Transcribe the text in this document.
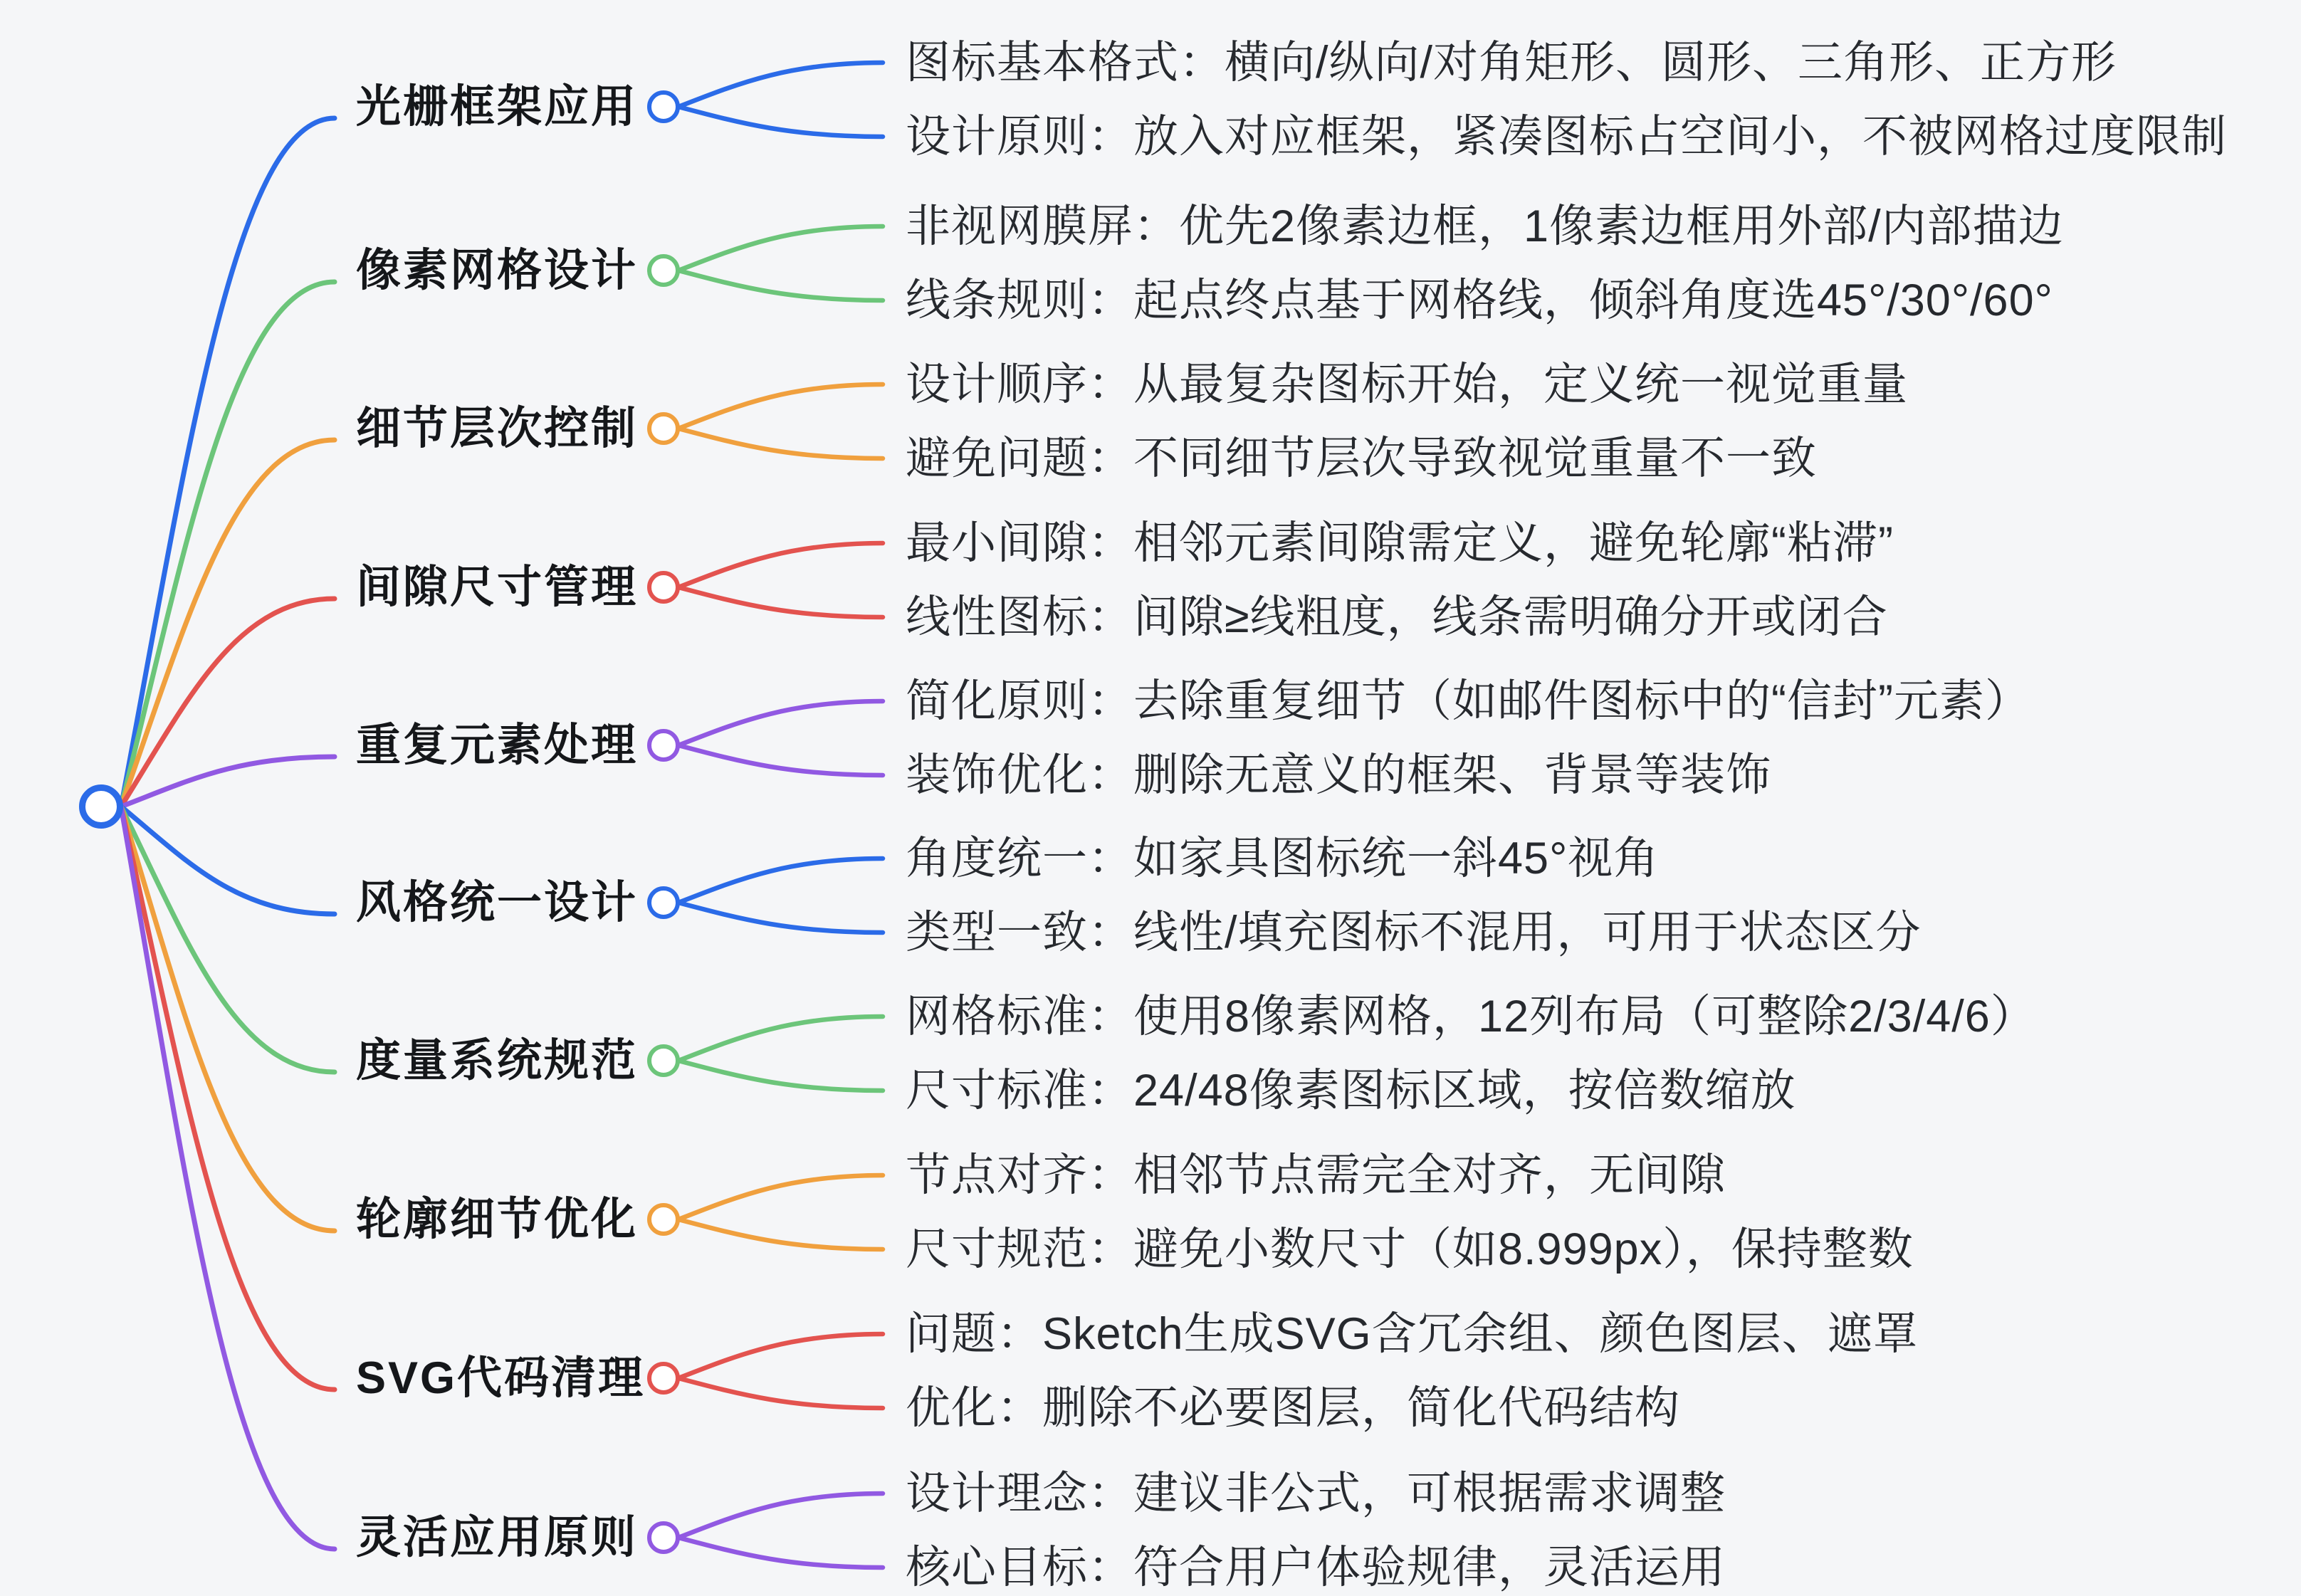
光栅框架应用
图标基本格式：横向/纵向/对角矩形、圆形、三角形、正方形
设计原则：放入对应框架，紧凑图标占空间小，不被网格过度限制
像素网格设计
非视网膜屏：优先2像素边框，1像素边框用外部/内部描边
线条规则：起点终点基于网格线，倾斜角度选45°/30°/60°
细节层次控制
设计顺序：从最复杂图标开始，定义统一视觉重量
避免问题：不同细节层次导致视觉重量不一致
间隙尺寸管理
最小间隙：相邻元素间隙需定义，避免轮廓“粘滞”
线性图标：间隙≥线粗度，线条需明确分开或闭合
重复元素处理
简化原则：去除重复细节（如邮件图标中的“信封”元素）
装饰优化：删除无意义的框架、背景等装饰
风格统一设计
角度统一：如家具图标统一斜45°视角
类型一致：线性/填充图标不混用，可用于状态区分
度量系统规范
网格标准：使用8像素网格，12列布局（可整除2/3/4/6）
尺寸标准：24/48像素图标区域，按倍数缩放
轮廓细节优化
节点对齐：相邻节点需完全对齐，无间隙
尺寸规范：避免小数尺寸（如8.999px），保持整数
SVG代码清理
问题：Sketch生成SVG含冗余组、颜色图层、遮罩
优化：删除不必要图层，简化代码结构
灵活应用原则
设计理念：建议非公式，可根据需求调整
核心目标：符合用户体验规律，灵活运用
